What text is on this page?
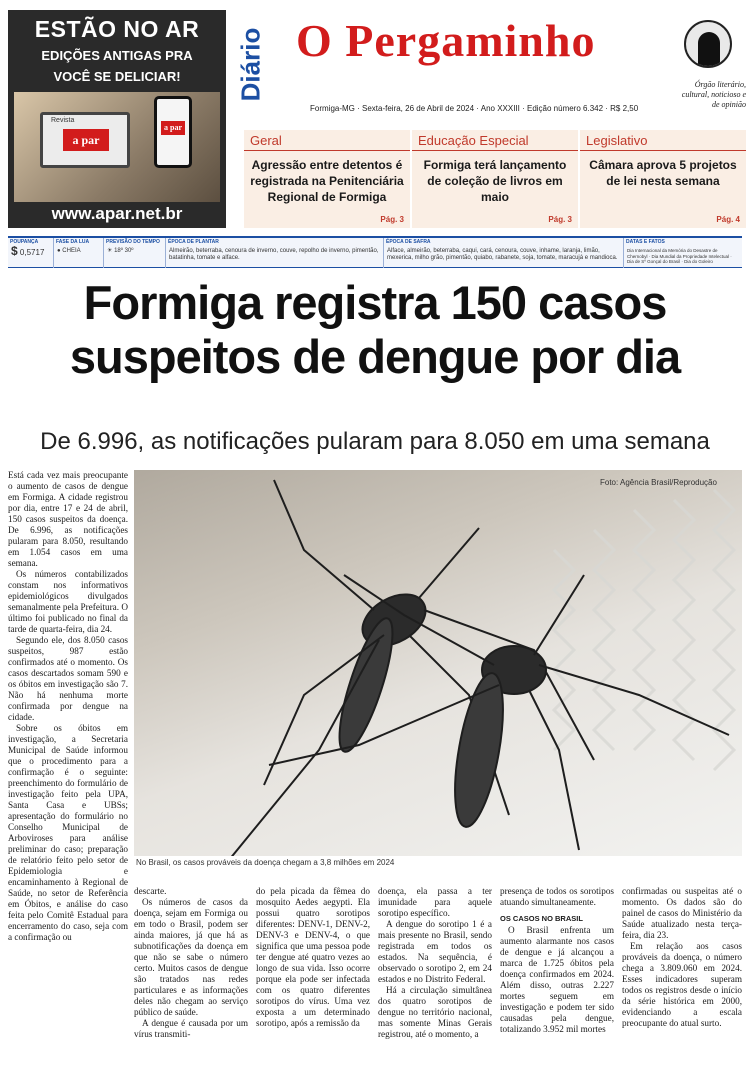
ESTÃO NO AR
EDIÇÕES ANTIGAS PRA
VOCÊ SE DELICIAR!
Revista
a par
a par
www.apar.net.br
Diário O Pergaminho
Formiga-MG · Sexta-feira, 26 de Abril de 2024 · Ano XXXIII · Edição número 6.342 · R$ 2,50
Órgão literário, cultural, noticioso e de opinião
Geral
Agressão entre detentos é registrada na Penitenciária Regional de Formiga
Pág. 3
Educação Especial
Formiga terá lançamento de coleção de livros em maio
Pág. 3
Legislativo
Câmara aprova 5 projetos de lei nesta semana
Pág. 4
POUPANÇA
$ 0,5717
FASE DA LUA
● CHEIA
PREVISÃO DO TEMPO
☀ 18º 30º
ÉPOCA DE PLANTAR
Almeirão, beterraba, cenoura de inverno, couve, repolho de inverno, pimentão, batatinha, tomate e alface.
ÉPOCA DE SAFRA
Alface, almeirão, beterraba, caqui, cará, cenoura, couve, inhame, laranja, limão, mexerica, milho grão, pimentão, quiabo, rabanete, soja, tomate, maracujá e mandioca.
DATAS E FATOS
Dia Internacional da Memória do Desastre de Chernobyl · Dia Mundial da Propriedade Intelectual · Dia de Sº Gonçal do Brasil · Dia do Goleiro
Formiga registra 150 casos
suspeitos de dengue por dia
De 6.996, as notificações pularam para 8.050 em uma semana
Foto: Agência Brasil/Reprodução
No Brasil, os casos prováveis da doença chegam a 3,8 milhões em 2024

Está cada vez mais preocupante o aumento de casos de dengue em Formiga. A cidade registrou por dia, entre 17 e 24 de abril, 150 casos suspeitos da doença. De 6.996, as notificações pularam para 8.050, resultando em 1.054 casos em uma semana.

Os números contabilizados constam nos informativos epidemiológicos divulgados semanalmente pela Prefeitura. O último foi publicado no final da tarde de quarta-feira, dia 24.

Segundo ele, dos 8.050 casos suspeitos, 987 estão confirmados até o momento. Os casos descartados somam 590 e os óbitos em investigação são 7. Não há nenhuma morte confirmada por dengue na cidade.

Sobre os óbitos em investigação, a Secretaria Municipal de Saúde informou que o procedimento para a confirmação é o seguinte: preenchimento do formulário de investigação feito pela UPA, Santa Casa e UBSs; apresentação do formulário no Conselho Municipal de Arboviroses para análise preliminar do caso; preparação de relatório feito pelo setor de Epidemiologia e encaminhamento à Regional de Saúde, no setor de Referência em Óbitos, e análise do caso feita pelo Comitê Estadual para encerramento do caso, seja com a confirmação ou

descarte.

Os números de casos da doença, sejam em Formiga ou em todo o Brasil, podem ser ainda maiores, já que há as subnotificações da doença em que não se sabe o número certo. Muitos casos de dengue são tratados nas redes particulares e as informações deles não chegam ao serviço público de saúde.

A dengue é causada por um vírus transmiti-

do pela picada da fêmea do mosquito Aedes aegypti. Ela possui quatro sorotipos diferentes: DENV-1, DENV-2, DENV-3 e DENV-4, o que significa que uma pessoa pode ter dengue até quatro vezes ao longo de sua vida. Isso ocorre porque ela pode ser infectada com os quatro diferentes sorotipos do vírus. Uma vez exposta a um determinado sorotipo, após a remissão da

doença, ela passa a ter imunidade para aquele sorotipo específico.

A dengue do sorotipo 1 é a mais presente no Brasil, sendo registrada em todos os estados. Na sequência, é observado o sorotipo 2, em 24 estados e no Distrito Federal.

Há a circulação simultânea dos quatro sorotipos de dengue no território nacional, mas somente Minas Gerais registrou, até o momento, a

presença de todos os sorotipos atuando simultaneamente.

OS CASOS NO BRASIL

O Brasil enfrenta um aumento alarmante nos casos de dengue e já alcançou a marca de 1.725 óbitos pela doença confirmados em 2024. Além disso, outras 2.227 mortes seguem em investigação e podem ter sido causadas pela dengue, totalizando 3.952 mil mortes

confirmadas ou suspeitas até o momento. Os dados são do painel de casos do Ministério da Saúde atualizado nesta terça-feira, dia 23.

Em relação aos casos prováveis da doença, o número chega a 3.809.060 em 2024. Esses indicadores superam todos os registros desde o início da série histórica em 2000, evidenciando a escala preocupante do atual surto.
